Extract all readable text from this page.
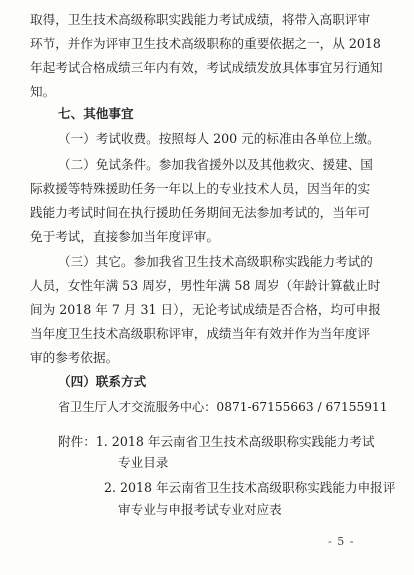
取得，卫生技术高级称职实践能力考试成绩，将带入高职评审
环节，并作为评审卫生技术高级职称的重要依据之一，从 2018
年起考试合格成绩三年内有效，考试成绩发放具体事宜另行通知
知。
七、其他事宜
（一）考试收费。按照每人 200 元的标准由各单位上缴。
（二）免试条件。参加我省援外以及其他救灾、援建、国
际救援等特殊援助任务一年以上的专业技术人员，因当年的实
践能力考试时间在执行援助任务期间无法参加考试的，当年可
免于考试，直接参加当年度评审。
（三）其它。参加我省卫生技术高级职称实践能力考试的
人员，女性年满 53 周岁，男性年满 58 周岁（年龄计算截止时
间为 2018 年 7 月 31 日），无论考试成绩是否合格，均可申报
当年度卫生技术高级职称评审，成绩当年有效并作为当年度评
审的参考依据。
（四）联系方式
省卫生厅人才交流服务中心：0871-67155663 / 67155911
附件：1. 2018 年云南省卫生技术高级职称实践能力考试
专业目录
2. 2018 年云南省卫生技术高级职称实践能力申报评
审专业与申报考试专业对应表
- 5 -
